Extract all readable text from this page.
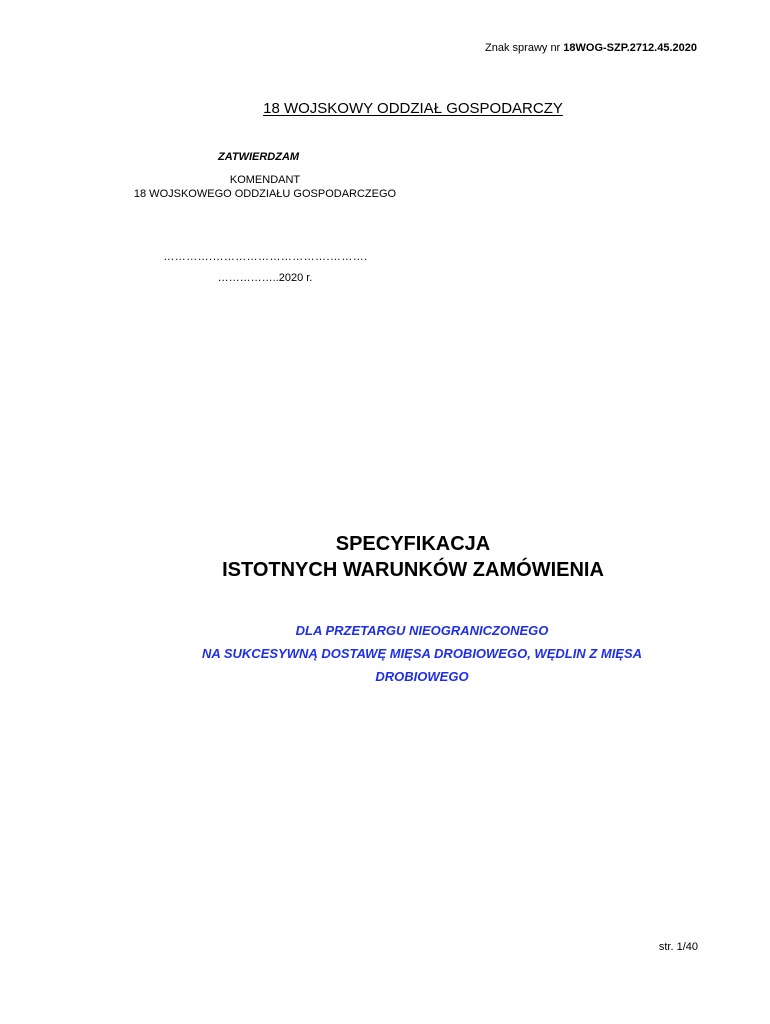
Znak sprawy nr 18WOG-SZP.2712.45.2020
18 WOJSKOWY ODDZIAŁ GOSPODARCZY
ZATWIERDZAM
KOMENDANT
18 WOJSKOWEGO ODDZIAŁU GOSPODARCZEGO
………….………………………….……….
……………..2020 r.
SPECYFIKACJA
ISTOTNYCH WARUNKÓW ZAMÓWIENIA
DLA PRZETARGU NIEOGRANICZONEGO
NA SUKCESYWNĄ DOSTAWĘ MIĘSA DROBIOWEGO, WĘDLIN Z MIĘSA
DROBIOWEGO
str. 1/40
